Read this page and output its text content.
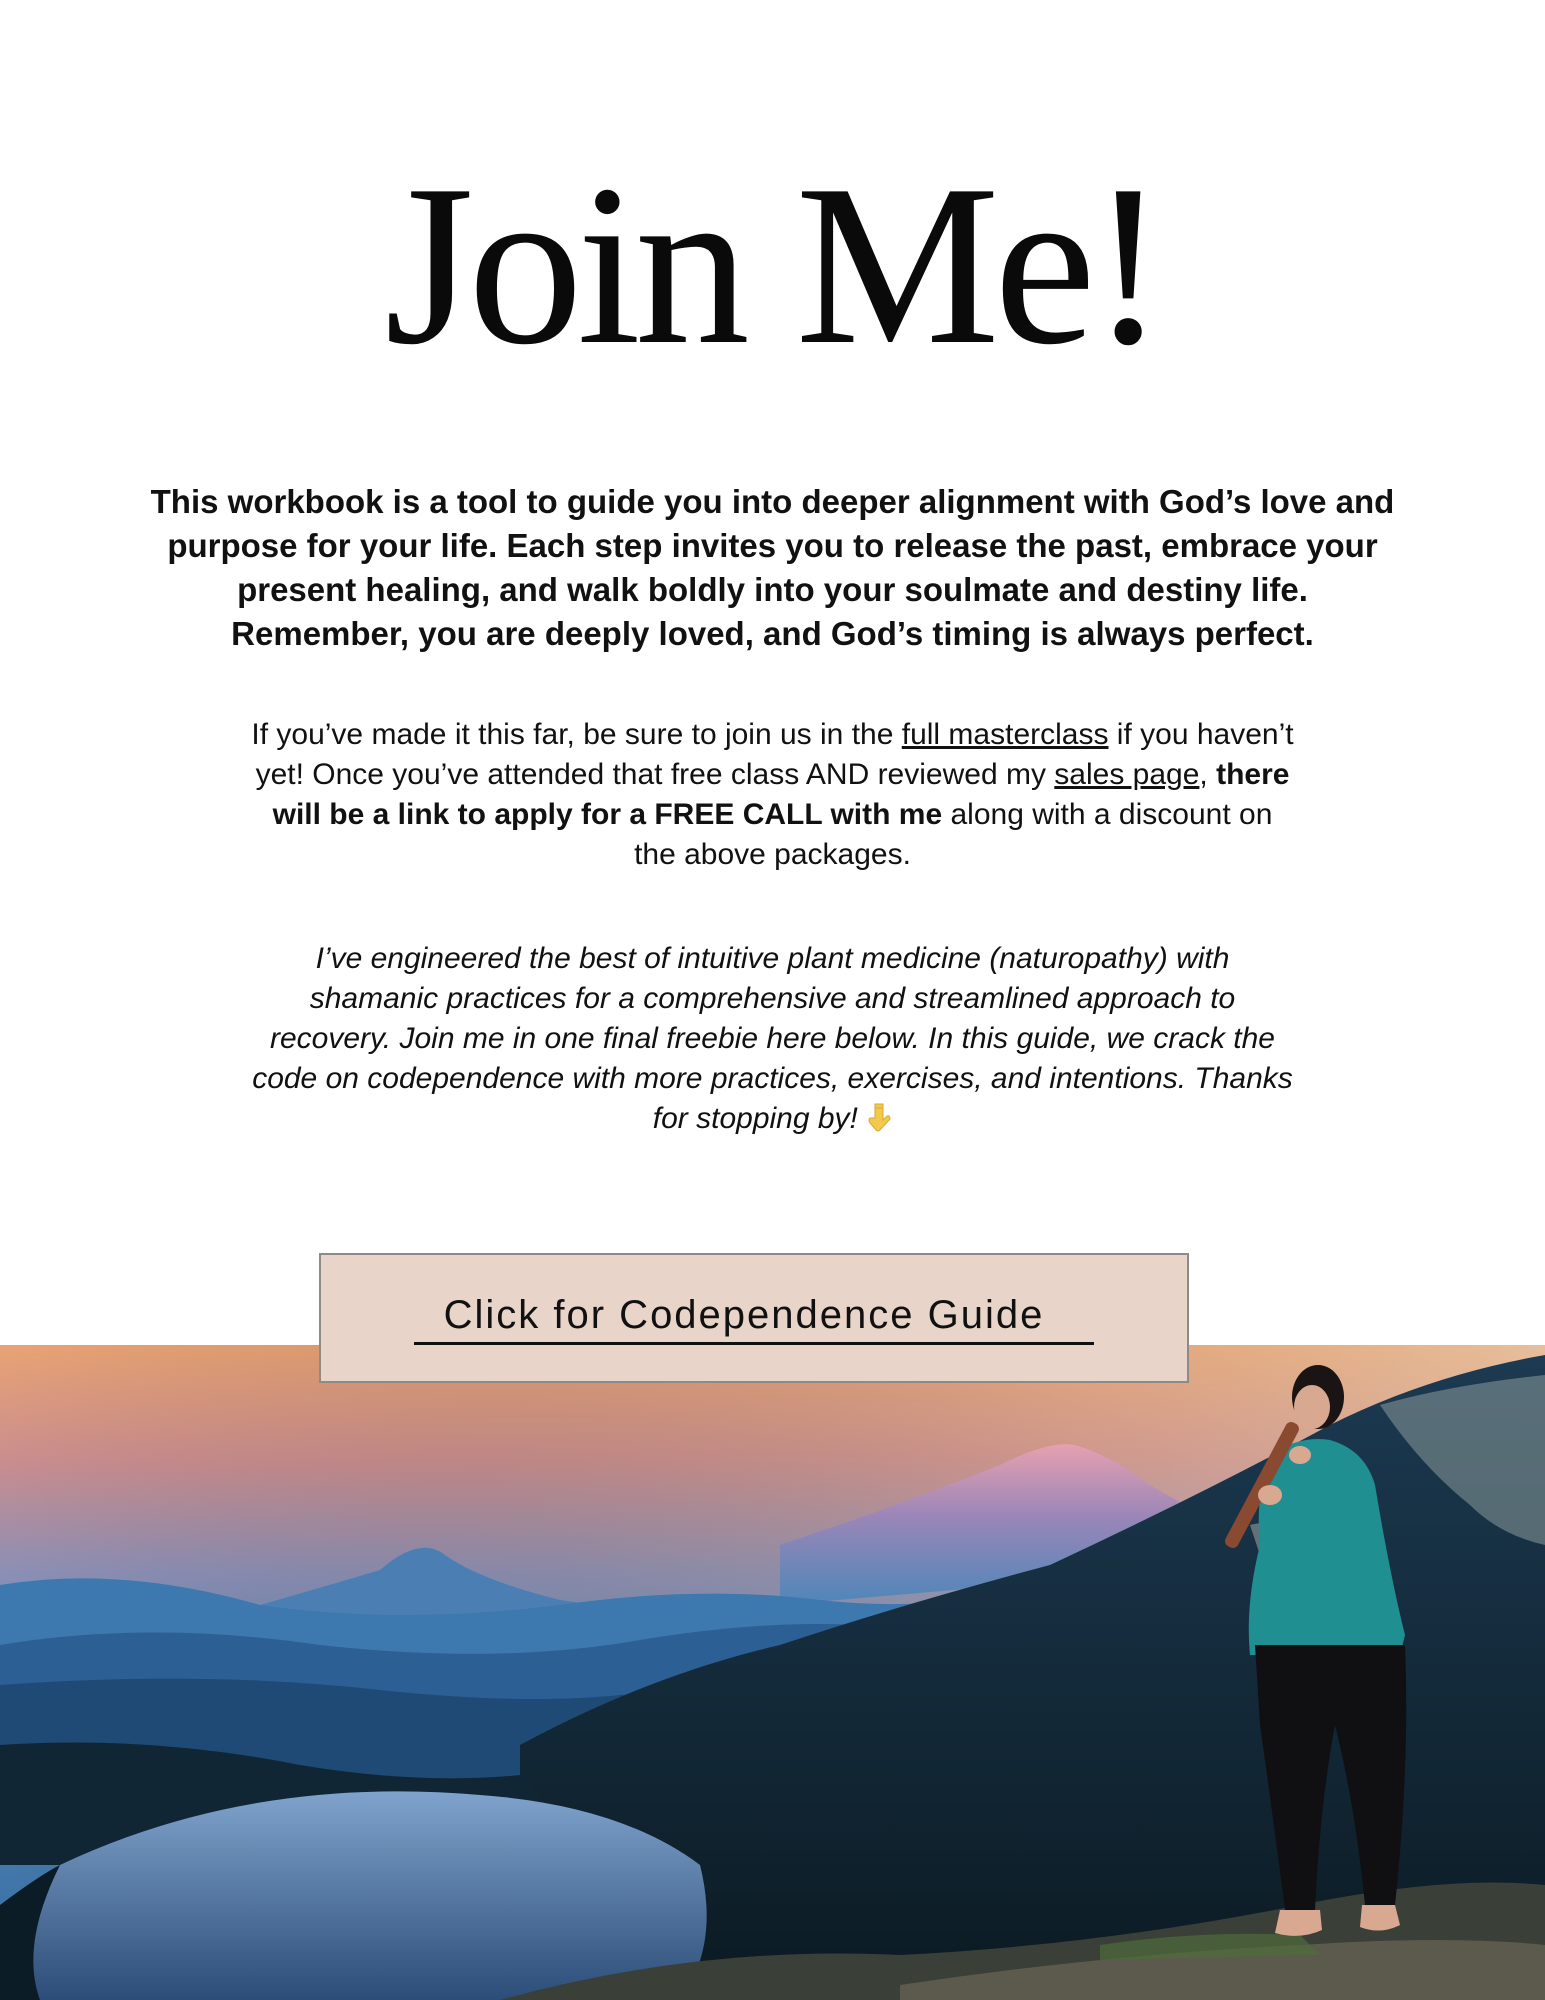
Join Me!

This workbook is a tool to guide you into deeper alignment with God’s love and purpose for your life. Each step invites you to release the past, embrace your present healing, and walk boldly into your soulmate and destiny life. Remember, you are deeply loved, and God’s timing is always perfect.

If you’ve made it this far, be sure to join us in the full masterclass if you haven’t yet! Once you’ve attended that free class AND reviewed my sales page, there will be a link to apply for a FREE CALL with me along with a discount on the above packages.

I’ve engineered the best of intuitive plant medicine (naturopathy) with shamanic practices for a comprehensive and streamlined approach to recovery. Join me in one final freebie here below. In this guide, we crack the code on codependence with more practices, exercises, and intentions. Thanks for stopping by!

Click for Codependence Guide
